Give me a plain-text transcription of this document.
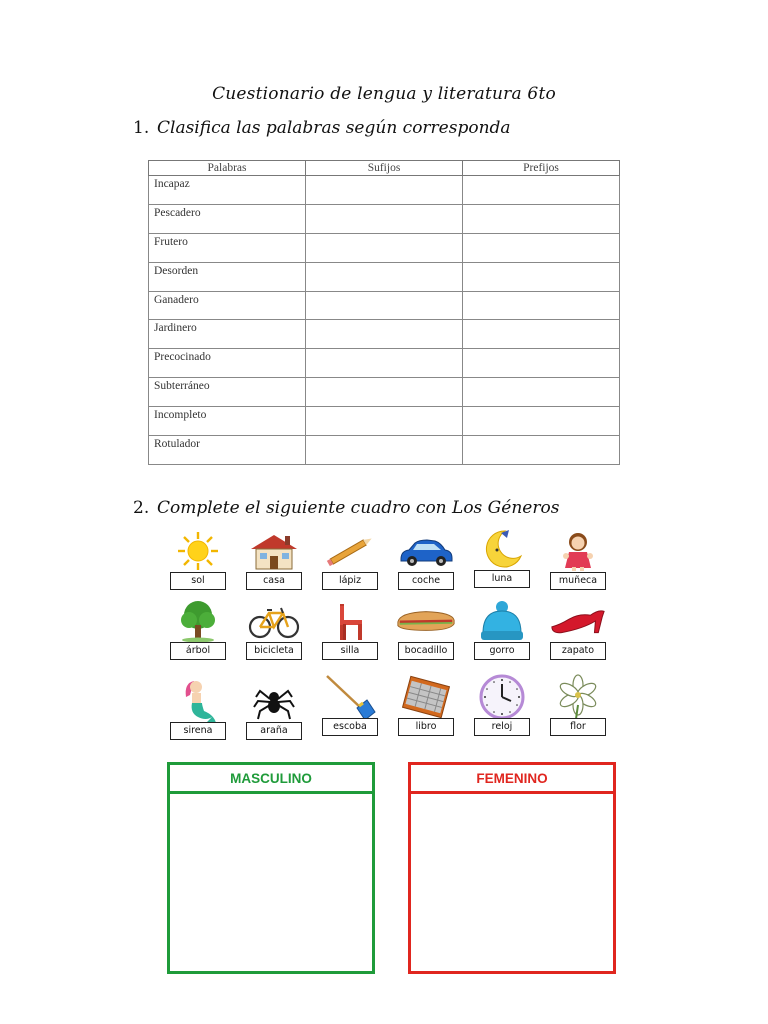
Cuestionario de lengua y literatura 6to
1. Clasifica las palabras según corresponda
Palabras	Sufijos	Prefijos
Incapaz		
Pescadero		
Frutero		
Desorden		
Ganadero		
Jardinero		
Precocinado		
Subterráneo		
Incompleto		
Rotulador		
2. Complete el siguiente cuadro con Los Géneros
sol	casa	lápiz	coche	luna	muñeca
árbol	bicicleta	silla	bocadillo	gorro	zapato
sirena	araña	escoba	libro	reloj	flor
MASCULINO	FEMENINO
